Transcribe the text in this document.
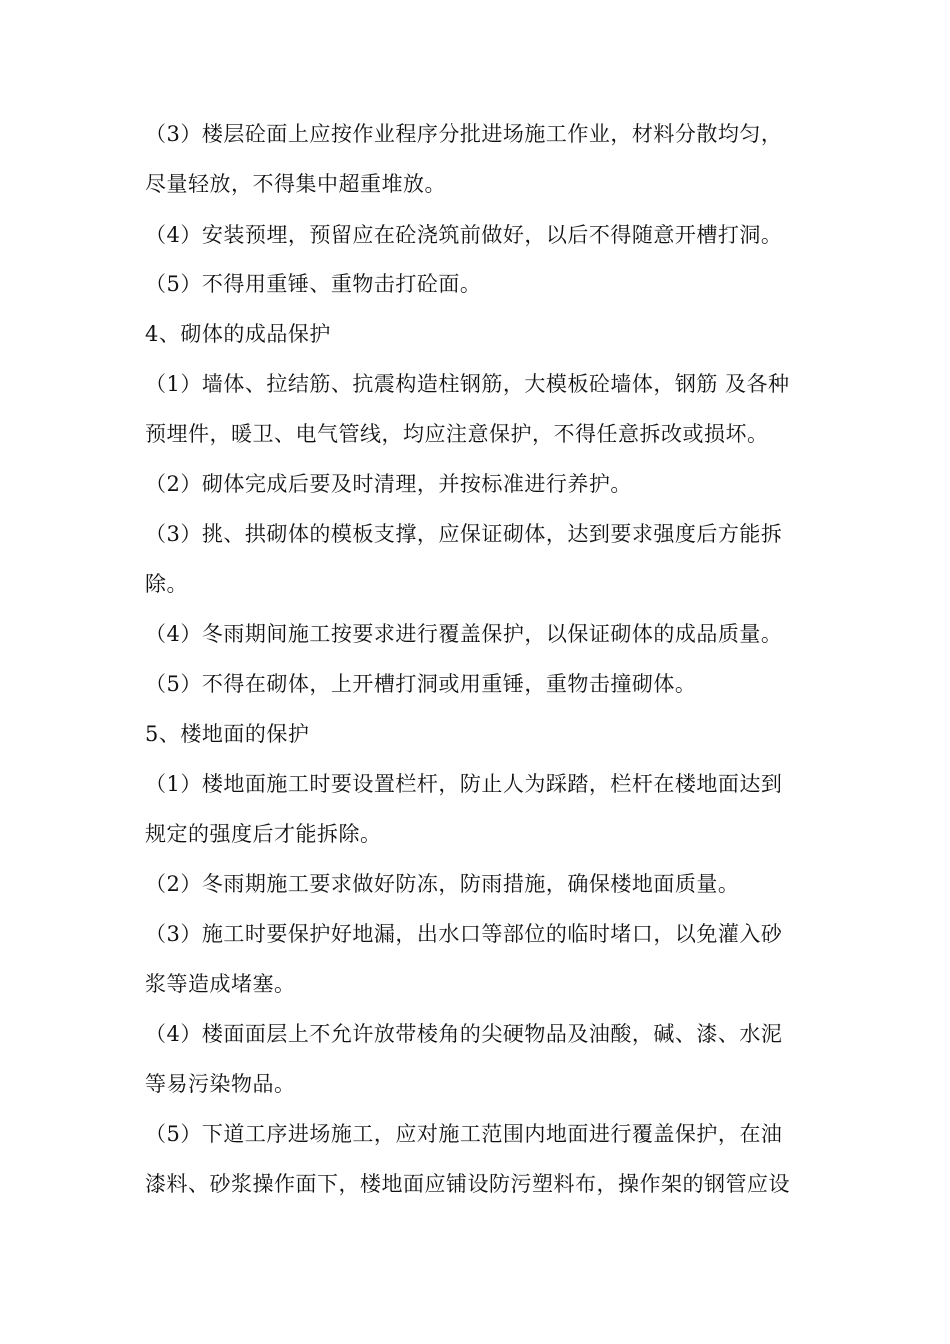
（3）楼层砼面上应按作业程序分批进场施工作业，材料分散均匀，
尽量轻放，不得集中超重堆放。
（4）安装预埋，预留应在砼浇筑前做好，以后不得随意开槽打洞。
（5）不得用重锤、重物击打砼面。
4、砌体的成品保护
（1）墙体、拉结筋、抗震构造柱钢筋，大模板砼墙体，钢筋 及各种
预埋件，暖卫、电气管线，均应注意保护，不得任意拆改或损坏。
（2）砌体完成后要及时清理，并按标准进行养护。
（3）挑、拱砌体的模板支撑，应保证砌体，达到要求强度后方能拆
除。
（4）冬雨期间施工按要求进行覆盖保护，以保证砌体的成品质量。
（5）不得在砌体，上开槽打洞或用重锤，重物击撞砌体。
5、楼地面的保护
（1）楼地面施工时要设置栏杆，防止人为踩踏，栏杆在楼地面达到
规定的强度后才能拆除。
（2）冬雨期施工要求做好防冻，防雨措施，确保楼地面质量。
（3）施工时要保护好地漏，出水口等部位的临时堵口，以免灌入砂
浆等造成堵塞。
（4）楼面面层上不允许放带棱角的尖硬物品及油酸，碱、漆、水泥
等易污染物品。
（5）下道工序进场施工，应对施工范围内地面进行覆盖保护，在油
漆料、砂浆操作面下，楼地面应铺设防污塑料布，操作架的钢管应设
